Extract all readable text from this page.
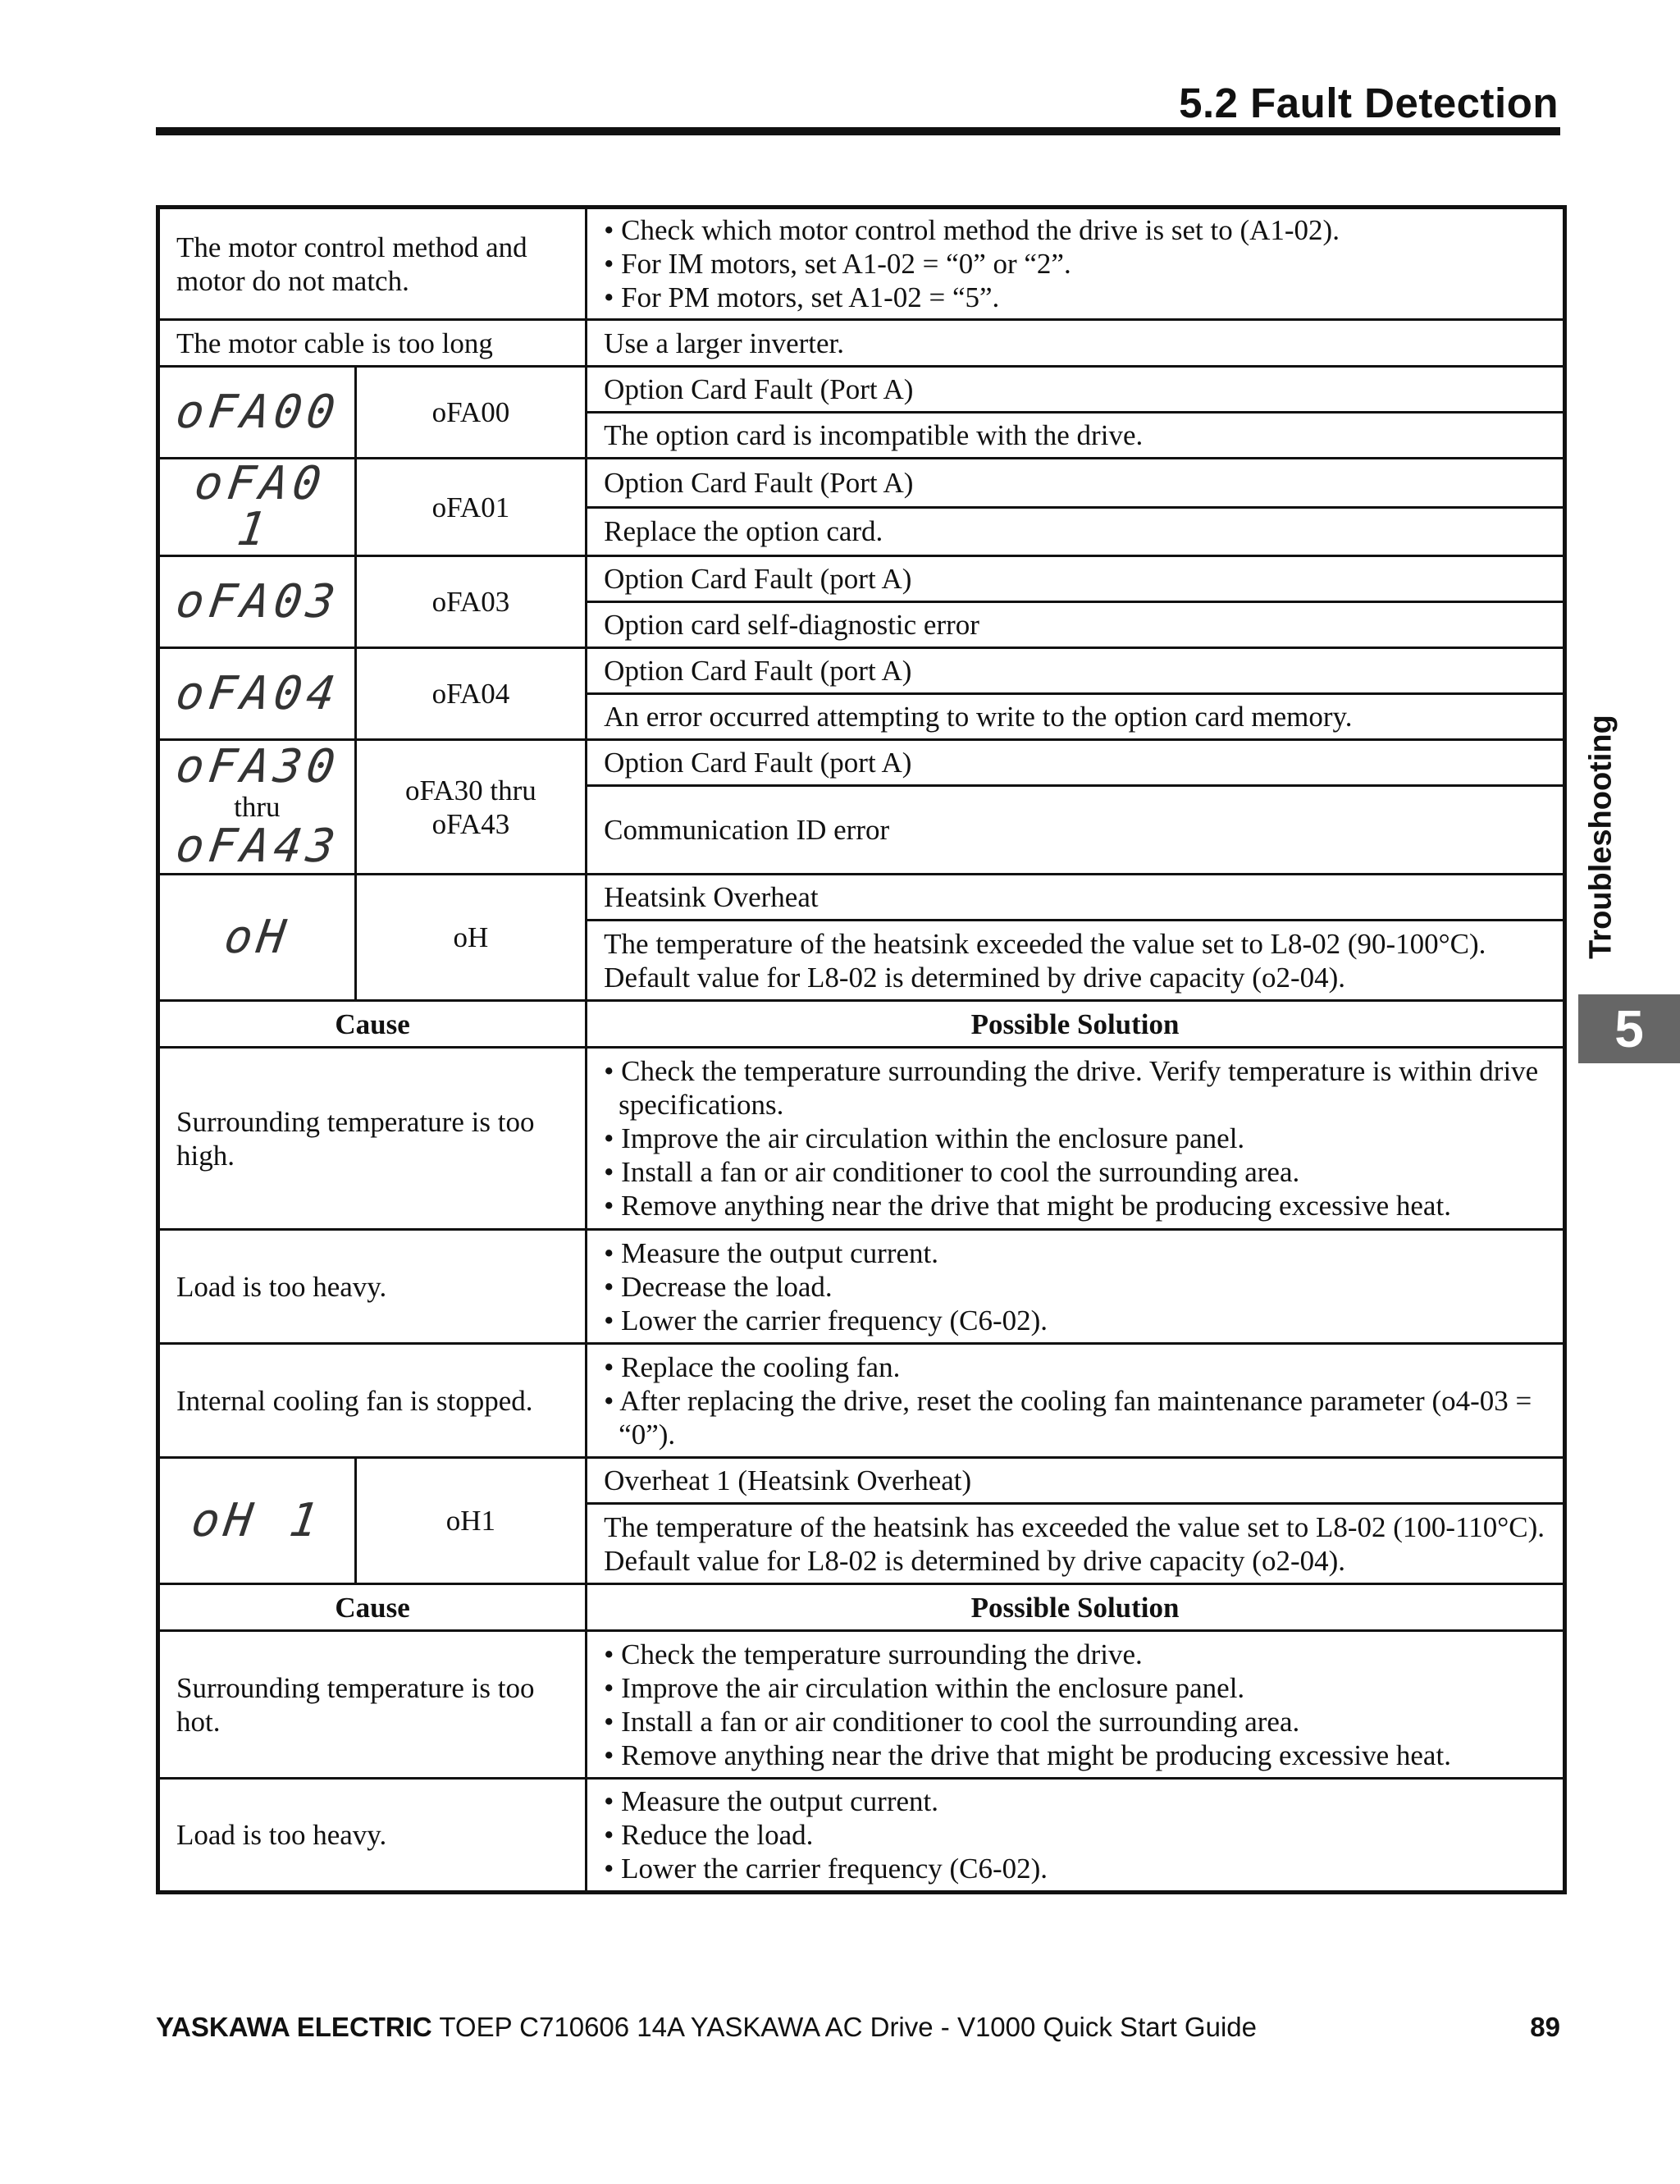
5.2 Fault Detection
The motor control method and motor do not match.		• Check which motor control method the drive is set to (A1-02).
• For IM motors, set A1-02 = “0” or “2”.
• For PM motors, set A1-02 = “5”.

The motor cable is too long		Use a larger inverter.
oFA00	oFA00	Option Card Fault (Port A)
		The option card is incompatible with the drive.
oFA0 1	oFA01	Option Card Fault (Port A)
		Replace the option card.
oFA03	oFA03	Option Card Fault (port A)
		Option card self-diagnostic error
oFA04	oFA04	Option Card Fault (port A)
		An error occurred attempting to write to the option card memory.
oFA30 thru
oFA43	oFA30 thru oFA43	Option Card Fault (port A)
		Communication ID error
oH	oH	Heatsink Overheat
		The temperature of the heatsink exceeded the value set to L8-02 (90-100°C). Default value for L8-02 is determined by drive capacity (o2-04).
Cause		Possible Solution
Surrounding temperature is too high.		• Check the temperature surrounding the drive. Verify temperature is within drive specifications.
• Improve the air circulation within the enclosure panel.
• Install a fan or air conditioner to cool the surrounding area.
• Remove anything near the drive that might be producing excessive heat.

Load is too heavy.		• Measure the output current.
• Decrease the load.
• Lower the carrier frequency (C6-02).

Internal cooling fan is stopped.		• Replace the cooling fan.
• After replacing the drive, reset the cooling fan maintenance parameter (o4-03 = “0”).

oH 1	oH1	Overheat 1 (Heatsink Overheat)
		The temperature of the heatsink has exceeded the value set to L8-02 (100-110°C). Default value for L8-02 is determined by drive capacity (o2-04).
Cause		Possible Solution
Surrounding temperature is too hot.		• Check the temperature surrounding the drive.
• Improve the air circulation within the enclosure panel.
• Install a fan or air conditioner to cool the surrounding area.
• Remove anything near the drive that might be producing excessive heat.

Load is too heavy.		• Measure the output current.
• Reduce the load.
• Lower the carrier frequency (C6-02).
Troubleshooting
5
YASKAWA ELECTRIC TOEP C710606 14A YASKAWA AC Drive - V1000 Quick Start Guide	89
